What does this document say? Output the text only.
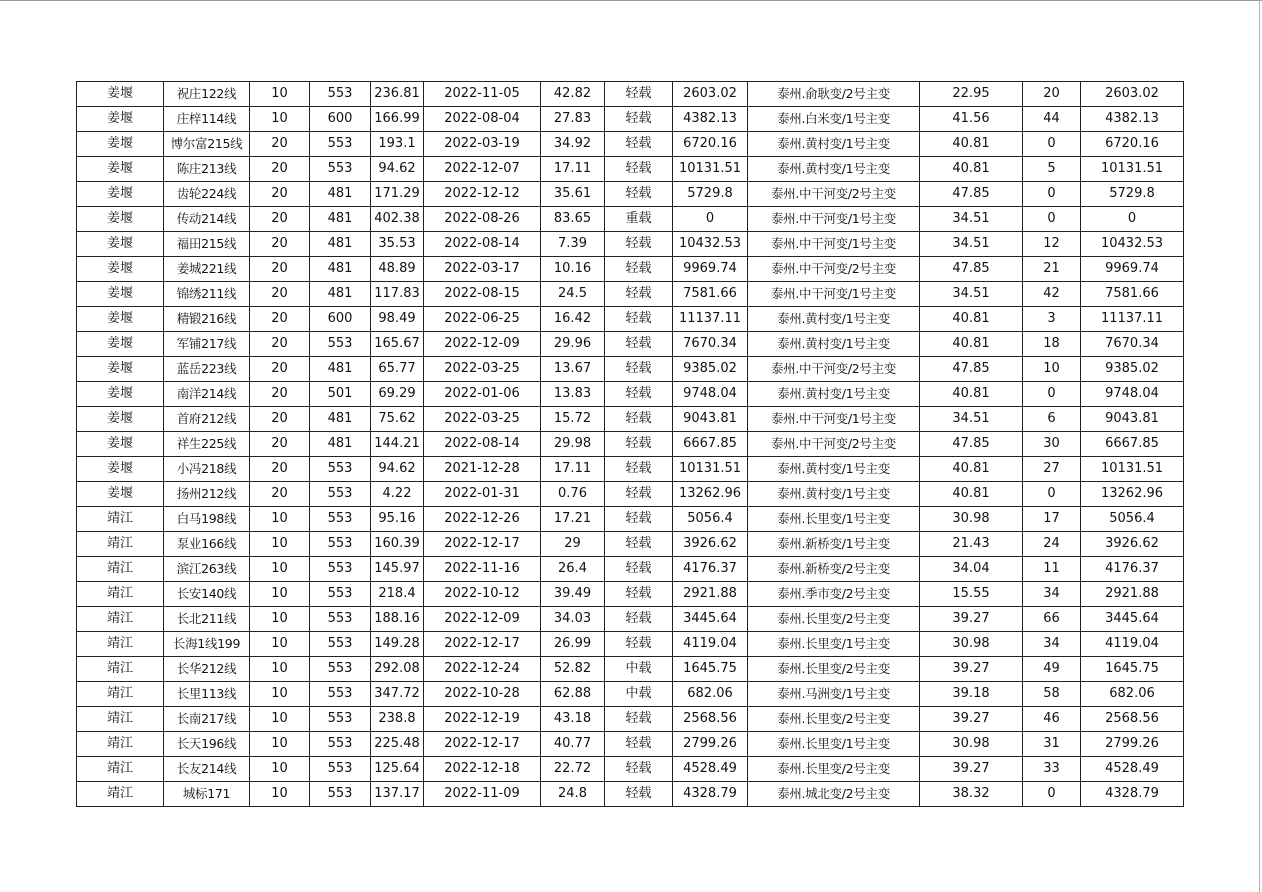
姜堰	祝庄122线	10	553	236.81	2022-11-05	42.82	轻载	2603.02	泰州.俞耿变/2号主变	22.95	20	2603.02
姜堰	庄梓114线	10	600	166.99	2022-08-04	27.83	轻载	4382.13	泰州.白米变/1号主变	41.56	44	4382.13
姜堰	博尔富215线	20	553	193.1	2022-03-19	34.92	轻载	6720.16	泰州.黄村变/1号主变	40.81	0	6720.16
姜堰	陈庄213线	20	553	94.62	2022-12-07	17.11	轻载	10131.51	泰州.黄村变/1号主变	40.81	5	10131.51
姜堰	齿轮224线	20	481	171.29	2022-12-12	35.61	轻载	5729.8	泰州.中干河变/2号主变	47.85	0	5729.8
姜堰	传动214线	20	481	402.38	2022-08-26	83.65	重载	0	泰州.中干河变/1号主变	34.51	0	0
姜堰	福田215线	20	481	35.53	2022-08-14	7.39	轻载	10432.53	泰州.中干河变/1号主变	34.51	12	10432.53
姜堰	姜城221线	20	481	48.89	2022-03-17	10.16	轻载	9969.74	泰州.中干河变/2号主变	47.85	21	9969.74
姜堰	锦绣211线	20	481	117.83	2022-08-15	24.5	轻载	7581.66	泰州.中干河变/1号主变	34.51	42	7581.66
姜堰	精锻216线	20	600	98.49	2022-06-25	16.42	轻载	11137.11	泰州.黄村变/1号主变	40.81	3	11137.11
姜堰	军铺217线	20	553	165.67	2022-12-09	29.96	轻载	7670.34	泰州.黄村变/1号主变	40.81	18	7670.34
姜堰	蓝岳223线	20	481	65.77	2022-03-25	13.67	轻载	9385.02	泰州.中干河变/2号主变	47.85	10	9385.02
姜堰	南洋214线	20	501	69.29	2022-01-06	13.83	轻载	9748.04	泰州.黄村变/1号主变	40.81	0	9748.04
姜堰	首府212线	20	481	75.62	2022-03-25	15.72	轻载	9043.81	泰州.中干河变/1号主变	34.51	6	9043.81
姜堰	祥生225线	20	481	144.21	2022-08-14	29.98	轻载	6667.85	泰州.中干河变/2号主变	47.85	30	6667.85
姜堰	小冯218线	20	553	94.62	2021-12-28	17.11	轻载	10131.51	泰州.黄村变/1号主变	40.81	27	10131.51
姜堰	扬州212线	20	553	4.22	2022-01-31	0.76	轻载	13262.96	泰州.黄村变/1号主变	40.81	0	13262.96
靖江	白马198线	10	553	95.16	2022-12-26	17.21	轻载	5056.4	泰州.长里变/1号主变	30.98	17	5056.4
靖江	泵业166线	10	553	160.39	2022-12-17	29	轻载	3926.62	泰州.新桥变/1号主变	21.43	24	3926.62
靖江	滨江263线	10	553	145.97	2022-11-16	26.4	轻载	4176.37	泰州.新桥变/2号主变	34.04	11	4176.37
靖江	长安140线	10	553	218.4	2022-10-12	39.49	轻载	2921.88	泰州.季市变/2号主变	15.55	34	2921.88
靖江	长北211线	10	553	188.16	2022-12-09	34.03	轻载	3445.64	泰州.长里变/2号主变	39.27	66	3445.64
靖江	长海1线199	10	553	149.28	2022-12-17	26.99	轻载	4119.04	泰州.长里变/1号主变	30.98	34	4119.04
靖江	长华212线	10	553	292.08	2022-12-24	52.82	中载	1645.75	泰州.长里变/2号主变	39.27	49	1645.75
靖江	长里113线	10	553	347.72	2022-10-28	62.88	中载	682.06	泰州.马洲变/1号主变	39.18	58	682.06
靖江	长南217线	10	553	238.8	2022-12-19	43.18	轻载	2568.56	泰州.长里变/2号主变	39.27	46	2568.56
靖江	长天196线	10	553	225.48	2022-12-17	40.77	轻载	2799.26	泰州.长里变/1号主变	30.98	31	2799.26
靖江	长友214线	10	553	125.64	2022-12-18	22.72	轻载	4528.49	泰州.长里变/2号主变	39.27	33	4528.49
靖江	城标171	10	553	137.17	2022-11-09	24.8	轻载	4328.79	泰州.城北变/2号主变	38.32	0	4328.79
